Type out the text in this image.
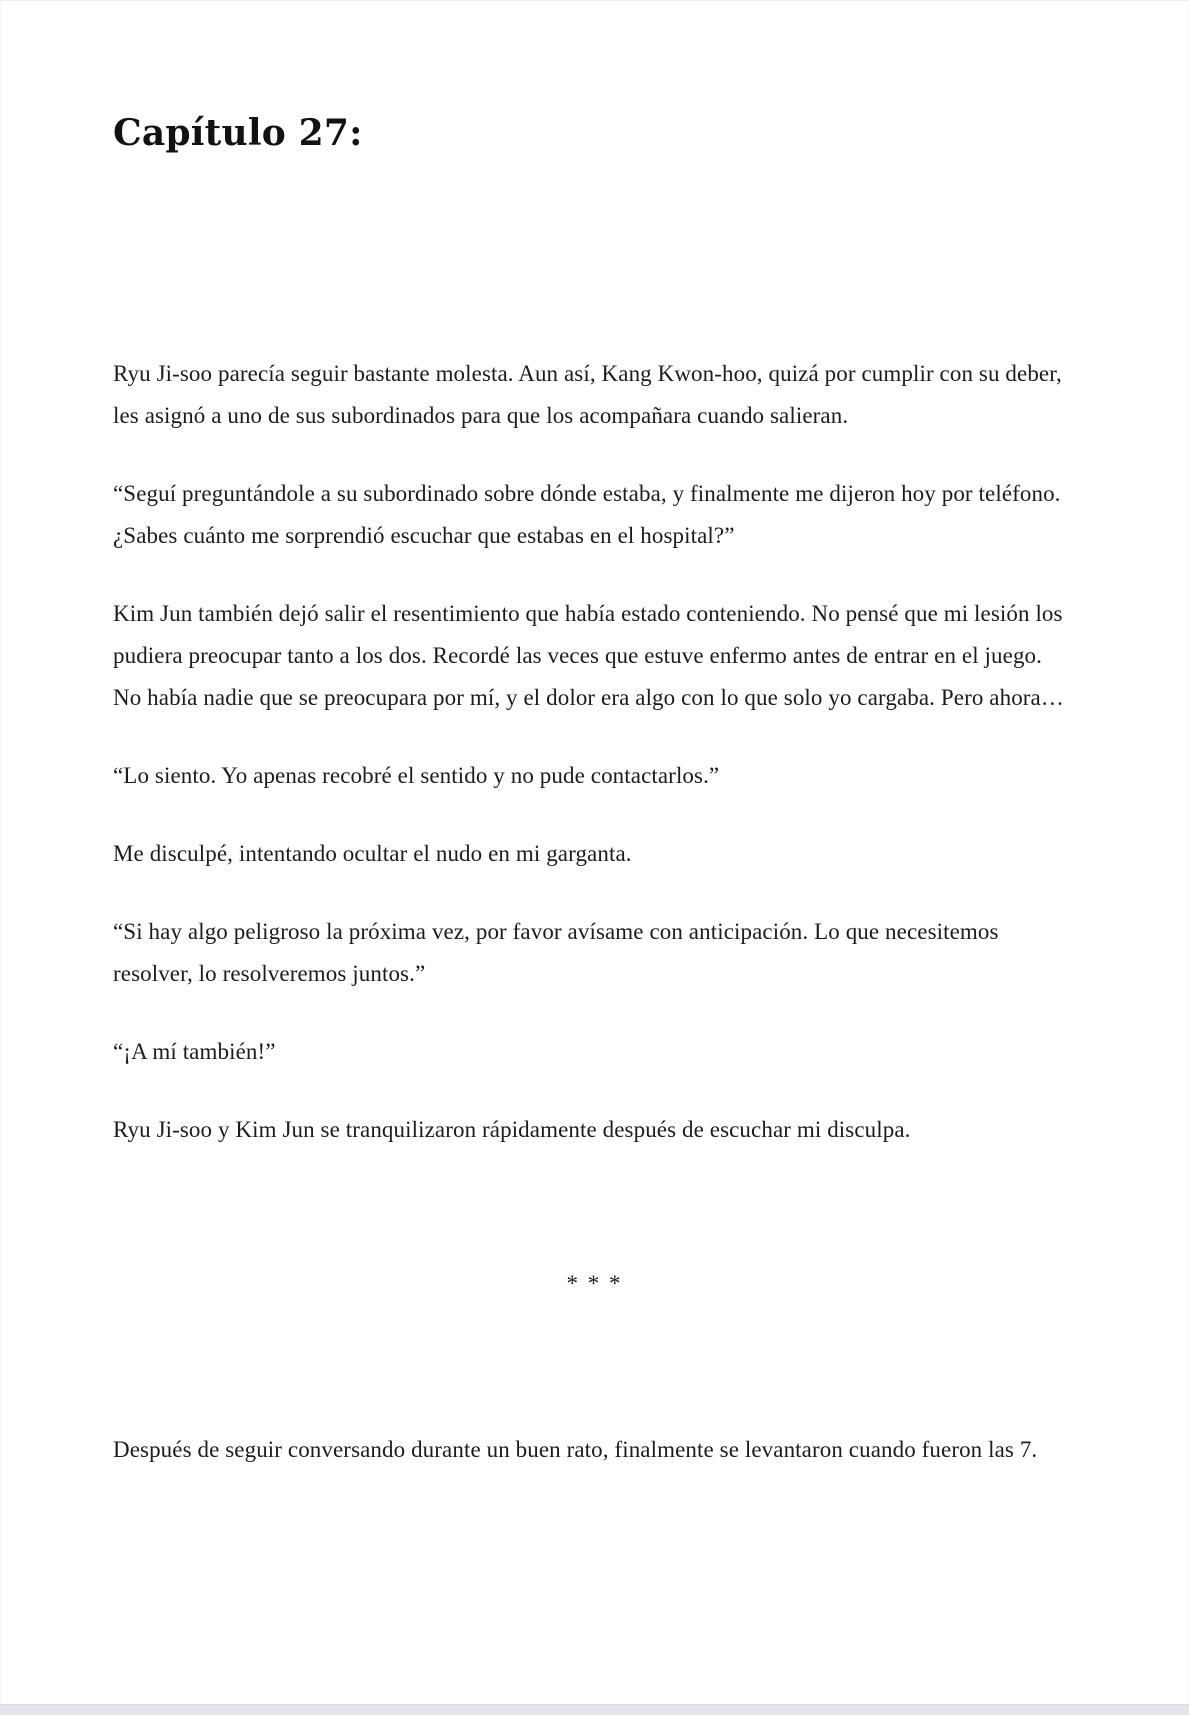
Capítulo 27:

Ryu Ji-soo parecía seguir bastante molesta. Aun así, Kang Kwon-hoo, quizá por cumplir con su deber, les asignó a uno de sus subordinados para que los acompañara cuando salieran.

“Seguí preguntándole a su subordinado sobre dónde estaba, y finalmente me dijeron hoy por teléfono. ¿Sabes cuánto me sorprendió escuchar que estabas en el hospital?”

Kim Jun también dejó salir el resentimiento que había estado conteniendo. No pensé que mi lesión los pudiera preocupar tanto a los dos. Recordé las veces que estuve enfermo antes de entrar en el juego. No había nadie que se preocupara por mí, y el dolor era algo con lo que solo yo cargaba. Pero ahora…

“Lo siento. Yo apenas recobré el sentido y no pude contactarlos.”

Me disculpé, intentando ocultar el nudo en mi garganta.

“Si hay algo peligroso la próxima vez, por favor avísame con anticipación. Lo que necesitemos resolver, lo resolveremos juntos.”

“¡A mí también!”

Ryu Ji-soo y Kim Jun se tranquilizaron rápidamente después de escuchar mi disculpa.

* * *

Después de seguir conversando durante un buen rato, finalmente se levantaron cuando fueron las 7.
